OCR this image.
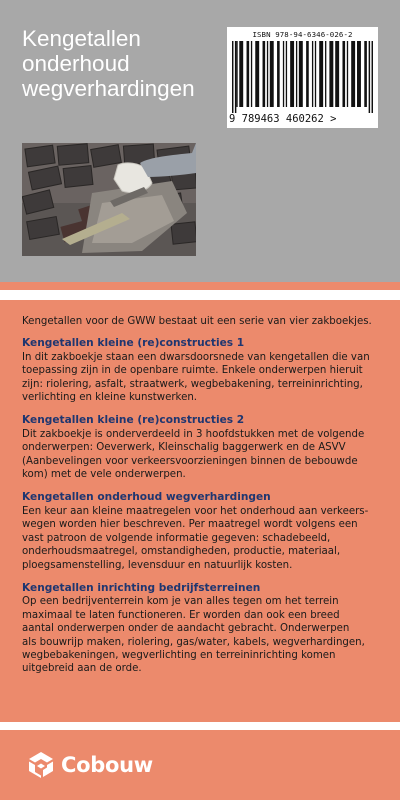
Kengetallen
onderhoud
wegverhardingen
ISBN 978-94-6346-026-2
9 789463 460262 >

Kengetallen voor de GWW bestaat uit een serie van vier zakboekjes.

Kengetallen kleine (re)constructies 1

In dit zakboekje staan een dwarsdoorsnede van kengetallen die van
toepassing zijn in de openbare ruimte. Enkele onderwerpen hieruit
zijn: riolering, asfalt, straatwerk, wegbebakening, terreininrichting,
verlichting en kleine kunstwerken.

Kengetallen kleine (re)constructies 2

Dit zakboekje is onderverdeeld in 3 hoofdstukken met de volgende
onderwerpen: Oeverwerk, Kleinschalig baggerwerk en de ASVV
(Aanbevelingen voor verkeersvoorzieningen binnen de bebouwde
kom) met de vele onderwerpen.

Kengetallen onderhoud wegverhardingen

Een keur aan kleine maatregelen voor het onderhoud aan verkeers-
wegen worden hier beschreven. Per maatregel wordt volgens een
vast patroon de volgende informatie gegeven: schadebeeld,
onderhoudsmaatregel, omstandigheden, productie, materiaal,
ploegsamenstelling, levensduur en natuurlijk kosten.

Kengetallen inrichting bedrijfsterreinen

Op een bedrijventerrein kom je van alles tegen om het terrein
maximaal te laten functioneren. Er worden dan ook een breed
aantal onderwerpen onder de aandacht gebracht. Onderwerpen
als bouwrijp maken, riolering, gas/water, kabels, wegverhardingen,
wegbebakeningen, wegverlichting en terreininrichting komen
uitgebreid aan de orde.

Cobouw
